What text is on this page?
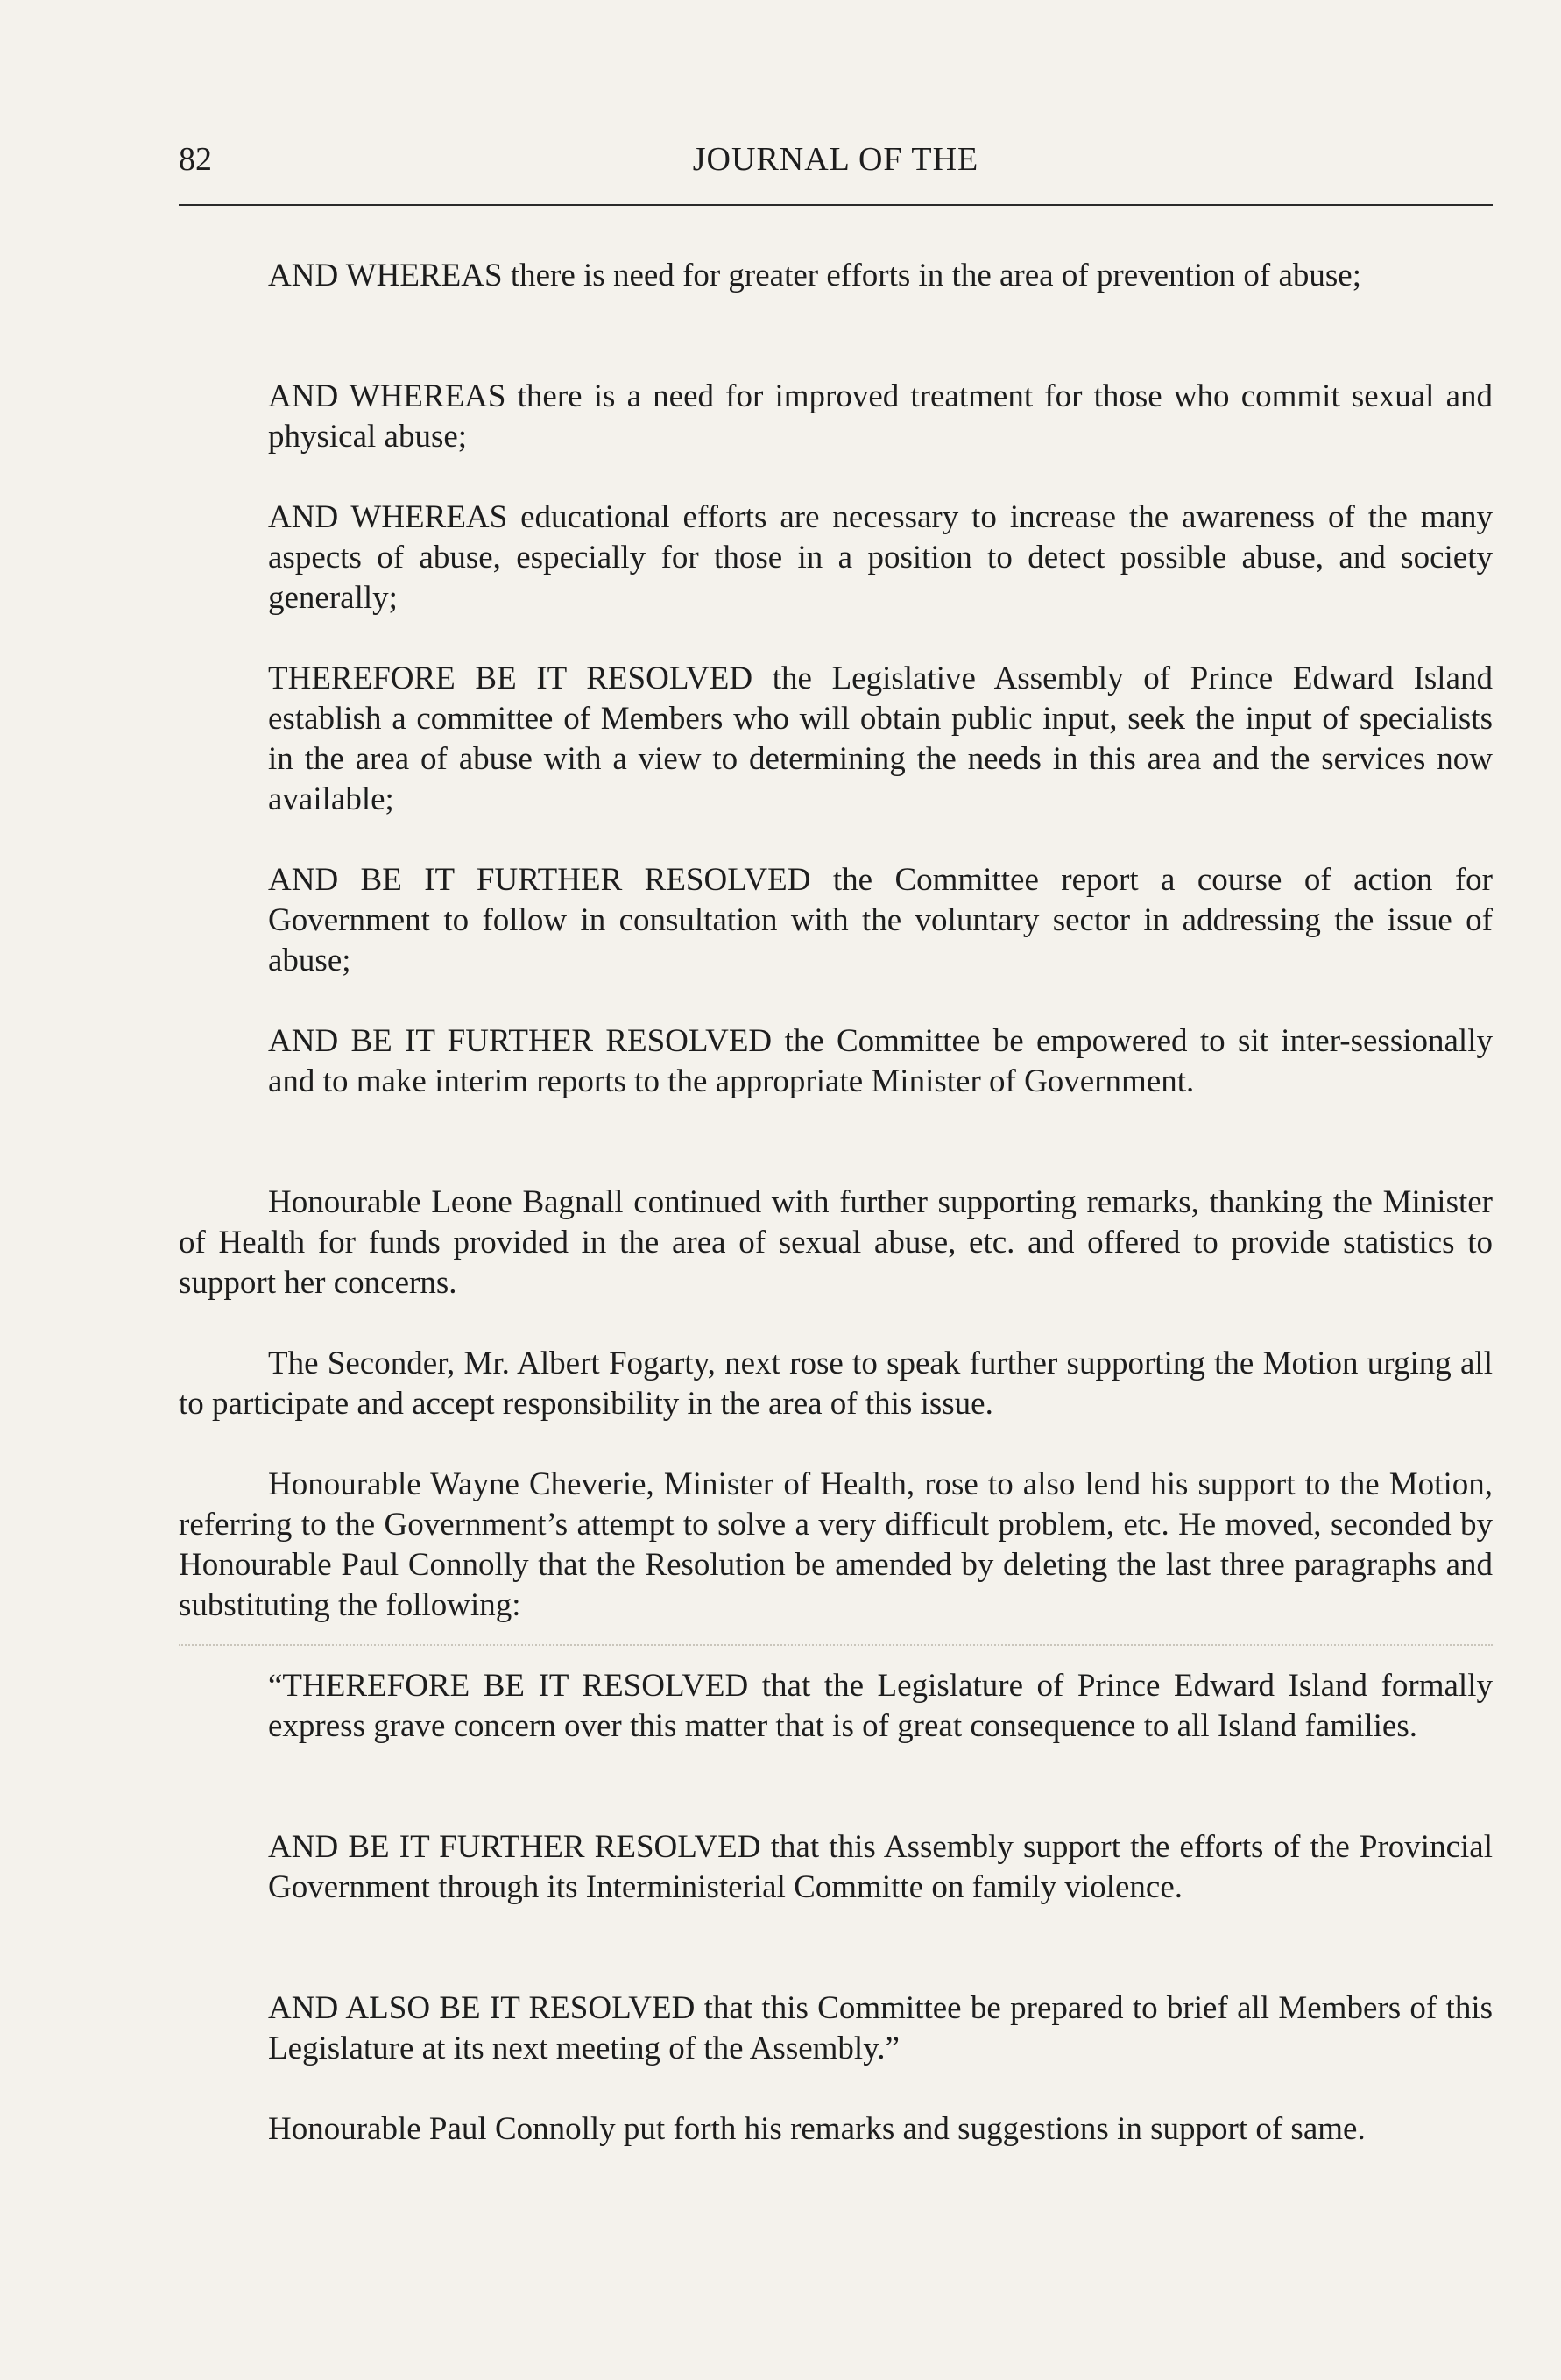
82	JOURNAL OF THE

AND WHEREAS there is need for greater efforts in the area of prevention of abuse;

AND WHEREAS there is a need for improved treatment for those who commit sexual and physical abuse;

AND WHEREAS educational efforts are necessary to increase the awareness of the many aspects of abuse, especially for those in a position to detect possible abuse, and society generally;

THEREFORE BE IT RESOLVED the Legislative Assembly of Prince Edward Island establish a committee of Members who will obtain public input, seek the input of specialists in the area of abuse with a view to determining the needs in this area and the services now available;

AND BE IT FURTHER RESOLVED the Committee report a course of action for Government to follow in consultation with the voluntary sector in addressing the issue of abuse;

AND BE IT FURTHER RESOLVED the Committee be empowered to sit inter-sessionally and to make interim reports to the appropriate Minister of Government.

Honourable Leone Bagnall continued with further supporting remarks, thanking the Minister of Health for funds provided in the area of sexual abuse, etc. and offered to provide statistics to support her concerns.

The Seconder, Mr. Albert Fogarty, next rose to speak further supporting the Motion urging all to participate and accept responsibility in the area of this issue.

Honourable Wayne Cheverie, Minister of Health, rose to also lend his support to the Motion, referring to the Government’s attempt to solve a very difficult problem, etc. He moved, seconded by Honourable Paul Connolly that the Resolution be amended by deleting the last three paragraphs and substituting the following:

“THEREFORE BE IT RESOLVED that the Legislature of Prince Edward Island formally express grave concern over this matter that is of great consequence to all Island families.

AND BE IT FURTHER RESOLVED that this Assembly support the efforts of the Provincial Government through its Interministerial Committe on family violence.

AND ALSO BE IT RESOLVED that this Committee be prepared to brief all Members of this Legislature at its next meeting of the Assembly.”

Honourable Paul Connolly put forth his remarks and suggestions in support of same.
